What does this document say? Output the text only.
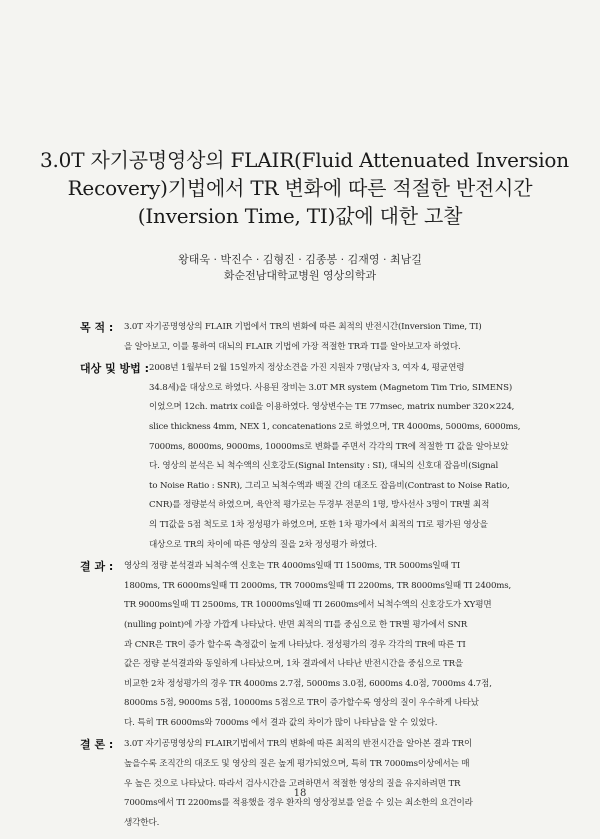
3.0T 자기공명영상의 FLAIR(Fluid Attenuated Inversion
Recovery)기법에서 TR 변화에 따른 적절한 반전시간
(Inversion Time, TI)값에 대한 고찰
왕태욱 · 박진수 · 김형진 · 김종봉 · 김재영 · 최남길
화순전남대학교병원 영상의학과
목 적 :	3.0T 자기공명영상의 FLAIR 기법에서 TR의 변화에 따른 최적의 반전시간(Inversion Time, TI)
을 알아보고, 이를 통하여 대뇌의 FLAIR 기법에 가장 적절한 TR과 TI를 알아보고자 하였다.
대상 및 방법 : 2008년 1월부터 2월 15일까지 정상소견을 가진 지원자 7명(남자 3, 여자 4, 평균연령
34.8세)을 대상으로 하였다. 사용된 장비는 3.0T MR system (Magnetom Tim Trio, SIMENS)
이었으며 12ch. matrix coil을 이용하였다. 영상변수는 TE 77msec, matrix number 320×224,
slice thickness 4mm, NEX 1, concatenations 2로 하였으며, TR 4000ms, 5000ms, 6000ms,
7000ms, 8000ms, 9000ms, 10000ms로 변화를 주면서 각각의 TR에 적절한 TI 값을 알아보았
다. 영상의 분석은 뇌 척수액의 신호강도(Signal Intensity : SI), 대뇌의 신호대 잡음비(Signal
to Noise Ratio : SNR), 그리고 뇌척수액과 백질 간의 대조도 잡음비(Contrast to Noise Ratio,
CNR)를 정량분석 하였으며, 육안적 평가로는 두경부 전문의 1명, 방사선사 3명이 TR별 최적
의 TI값을 5점 척도로 1차 정성평가 하였으며, 또한 1차 평가에서 최적의 TI로 평가된 영상을
대상으로 TR의 차이에 따른 영상의 질을 2차 정성평가 하였다.
결 과 :	영상의 정량 분석결과 뇌척수액 신호는 TR 4000ms일때 TI 1500ms, TR 5000ms일때 TI
1800ms, TR 6000ms일때 TI 2000ms, TR 7000ms일때 TI 2200ms, TR 8000ms일때 TI 2400ms,
TR 9000ms일때 TI 2500ms, TR 10000ms일때 TI 2600ms에서 뇌척수액의 신호강도가 XY평면
(nulling point)에 가장 가깝게 나타났다. 반면 최적의 TI를 중심으로 한 TR별 평가에서 SNR
과 CNR은 TR이 증가 할수록 측정값이 높게 나타났다. 정성평가의 경우 각각의 TR에 따른 TI
값은 정량 분석결과와 동일하게 나타났으며, 1차 결과에서 나타난 반전시간을 중심으로 TR을
비교한 2차 정성평가의 경우 TR 4000ms 2.7점, 5000ms 3.0점, 6000ms 4.0점, 7000ms 4.7점,
8000ms 5점, 9000ms 5점, 10000ms 5점으로 TR이 증가할수록 영상의 질이 우수하게 나타났
다. 특히 TR 6000ms와 7000ms 에서 결과 값의 차이가 많이 나타남을 알 수 있었다.
결 론 :	3.0T 자기공명영상의 FLAIR기법에서 TR의 변화에 따른 최적의 반전시간을 알아본 결과 TR이
높을수록 조직간의 대조도 및 영상의 질은 높게 평가되었으며, 특히 TR 7000ms이상에서는 매
우 높은 것으로 나타났다. 따라서 검사시간을 고려하면서 적절한 영상의 질을 유지하려면 TR
7000ms에서 TI 2200ms를 적용했을 경우 환자의 영상정보를 얻을 수 있는 최소한의 요건이라
생각한다.
18
